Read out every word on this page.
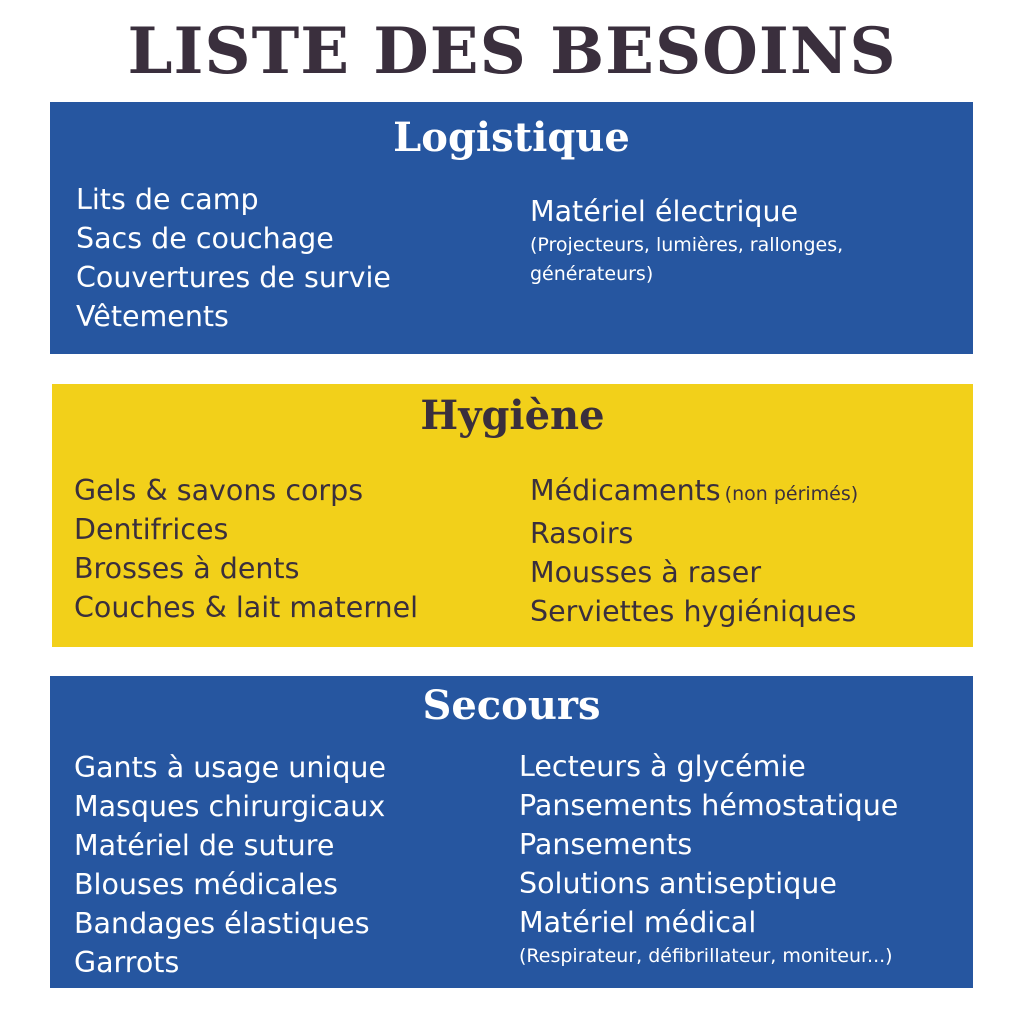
LISTE DES BESOINS
Logistique
Lits de camp
Sacs de couchage
Couvertures de survie
Vêtements
Matériel électrique
(Projecteurs, lumières, rallonges,
générateurs)
Hygiène
Gels & savons corps
Dentifrices
Brosses à dents
Couches & lait maternel
Médicaments (non périmés)
Rasoirs
Mousses à raser
Serviettes hygiéniques
Secours
Gants à usage unique
Masques chirurgicaux
Matériel de suture
Blouses médicales
Bandages élastiques
Garrots
Lecteurs à glycémie
Pansements hémostatique
Pansements
Solutions antiseptique
Matériel médical
(Respirateur, défibrillateur, moniteur...)
